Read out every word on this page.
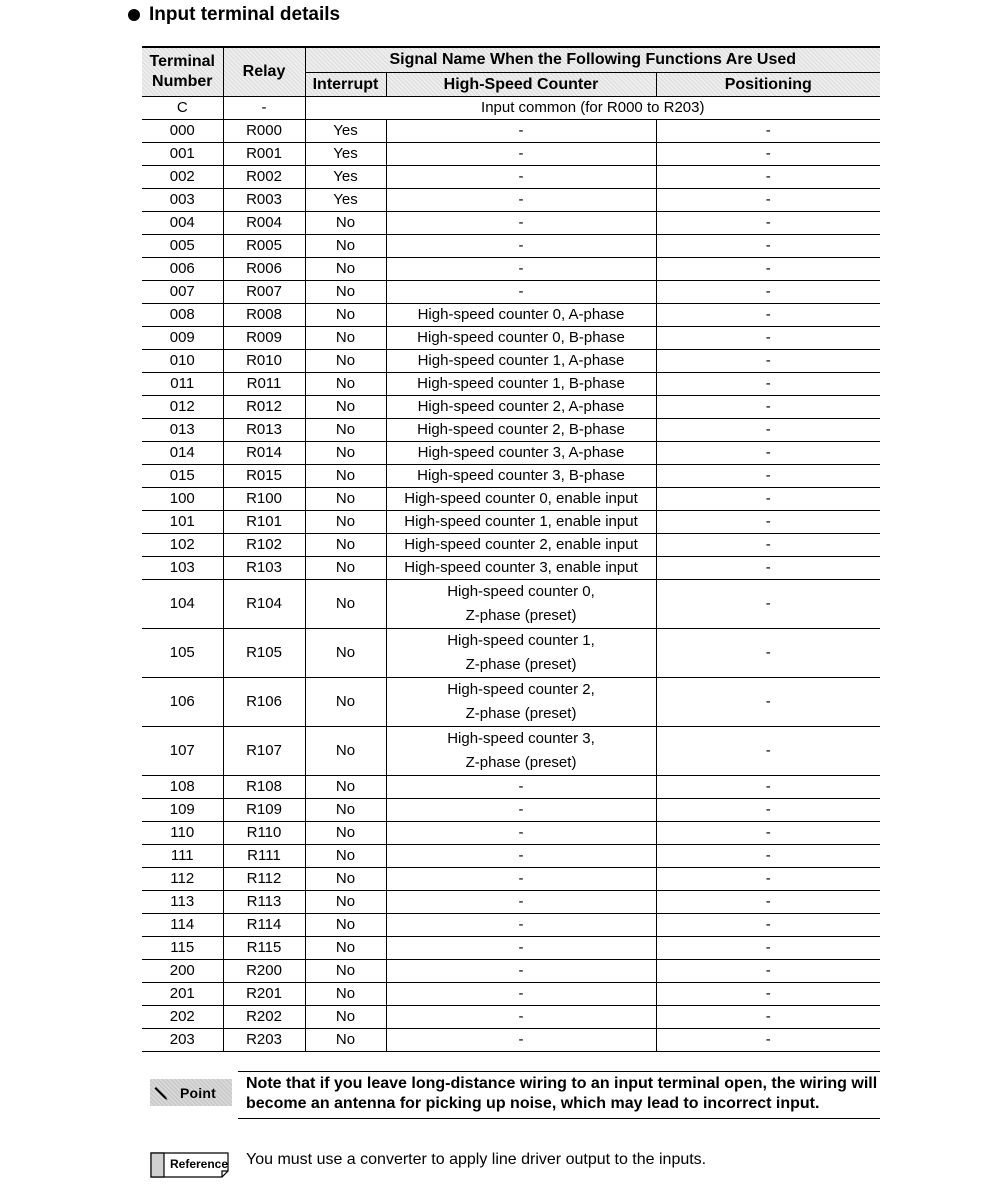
Input terminal details
Terminal
Number	Relay	Signal Name When the Following Functions Are Used		
		Interrupt	High-Speed Counter	Positioning
C	-	Input common (for R000 to R203)		
000	R000	Yes	-	-
001	R001	Yes	-	-
002	R002	Yes	-	-
003	R003	Yes	-	-
004	R004	No	-	-
005	R005	No	-	-
006	R006	No	-	-
007	R007	No	-	-
008	R008	No	High-speed counter 0, A-phase	-
009	R009	No	High-speed counter 0, B-phase	-
010	R010	No	High-speed counter 1, A-phase	-
011	R011	No	High-speed counter 1, B-phase	-
012	R012	No	High-speed counter 2, A-phase	-
013	R013	No	High-speed counter 2, B-phase	-
014	R014	No	High-speed counter 3, A-phase	-
015	R015	No	High-speed counter 3, B-phase	-
100	R100	No	High-speed counter 0, enable input	-
101	R101	No	High-speed counter 1, enable input	-
102	R102	No	High-speed counter 2, enable input	-
103	R103	No	High-speed counter 3, enable input	-
104	R104	No	High-speed counter 0,
Z-phase (preset)	-
105	R105	No	High-speed counter 1,
Z-phase (preset)	-
106	R106	No	High-speed counter 2,
Z-phase (preset)	-
107	R107	No	High-speed counter 3,
Z-phase (preset)	-
108	R108	No	-	-
109	R109	No	-	-
110	R110	No	-	-
111	R111	No	-	-
112	R112	No	-	-
113	R113	No	-	-
114	R114	No	-	-
115	R115	No	-	-
200	R200	No	-	-
201	R201	No	-	-
202	R202	No	-	-
203	R203	No	-	-
Point
Note that if you leave long-distance wiring to an input terminal open, the wiring will become an antenna for picking up noise, which may lead to incorrect input.
Reference You must use a converter to apply line driver output to the inputs.
